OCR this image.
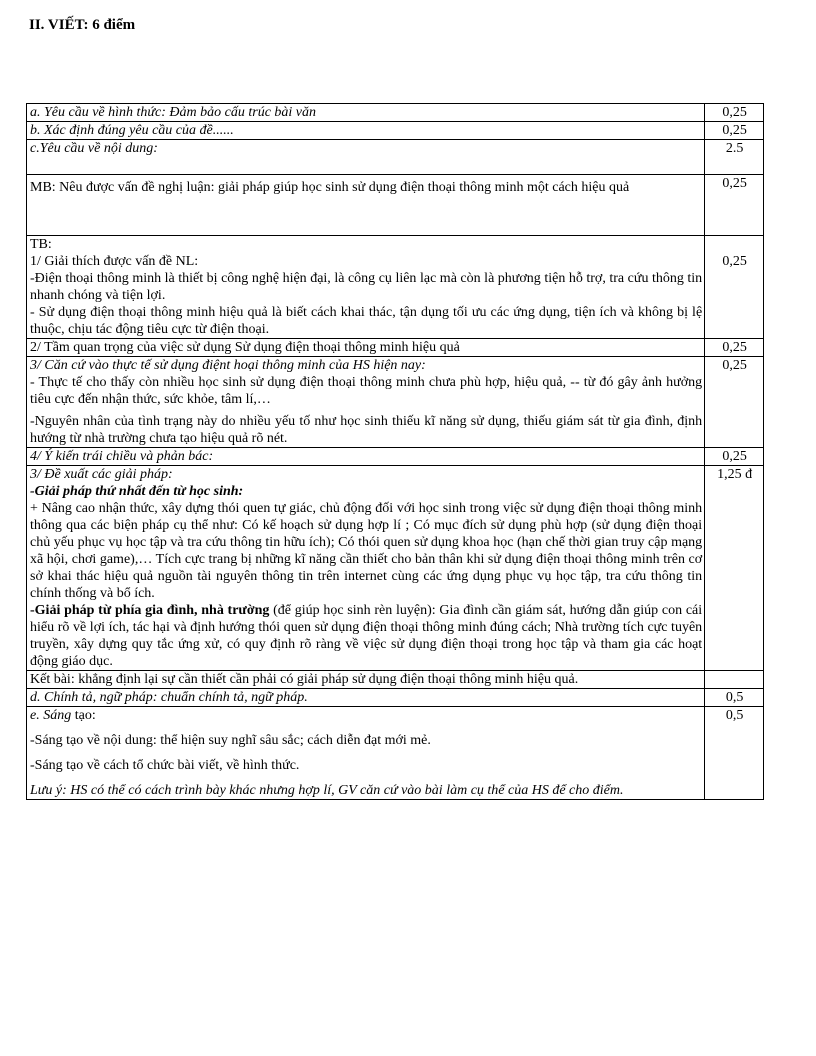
II. VIẾT: 6 điểm
a. Yêu cầu về hình thức: Đảm bảo cấu trúc bài văn	0,25
b. Xác định đúng yêu cầu của đề......	0,25
c.Yêu cầu về nội dung:	2.5

MB: Nêu được vấn đề nghị luận: giải pháp giúp học sinh sử dụng điện thoại thông minh một cách hiệu quả	0,25

TB:
1/ Giải thích được vấn đề NL:
-Điện thoại thông minh là thiết bị công nghệ hiện đại, là công cụ liên lạc mà còn là phương tiện hỗ trợ, tra cứu thông tin nhanh chóng và tiện lợi.
- Sử dụng điện thoại thông minh hiệu quả là biết cách khai thác, tận dụng tối ưu các ứng dụng, tiện ích và không bị lệ thuộc, chịu tác động tiêu cực từ điện thoại.	0,25

2/ Tầm quan trọng của việc sử dụng Sử dụng điện thoại thông minh hiệu quả	0,25

3/ Căn cứ vào thực tế sử dụng điệnt hoại thông minh của HS hiện nay:
- Thực tế cho thấy còn nhiều học sinh sử dụng điện thoại thông minh chưa phù hợp, hiệu quả, -- từ đó gây ảnh hưởng tiêu cực đến nhận thức, sức khỏe, tâm lí,…
-Nguyên nhân của tình trạng này do nhiều yếu tố như học sinh thiếu kĩ năng sử dụng, thiếu giám sát từ gia đình, định hướng từ nhà trường chưa tạo hiệu quả rõ nét.	0,25
4/ Ý kiến trái chiều và phản bác:	0,25

3/ Đề xuất các giải pháp:
-Giải pháp thứ nhất đến từ học sinh:
+ Nâng cao nhận thức, xây dựng thói quen tự giác, chủ động đối với học sinh trong việc sử dụng điện thoại thông minh thông qua các biện pháp cụ thể như: Có kế hoạch sử dụng hợp lí ; Có mục đích sử dụng phù hợp (sử dụng điện thoại chủ yếu phục vụ học tập và tra cứu thông tin hữu ích); Có thói quen sử dụng khoa học (hạn chế thời gian truy cập mạng xã hội, chơi game),… Tích cực trang bị những kĩ năng cần thiết cho bản thân khi sử dụng điện thoại thông minh trên cơ sở khai thác hiệu quả nguồn tài nguyên thông tin trên internet cùng các ứng dụng phục vụ học tập, tra cứu thông tin chính thống và bổ ích.
-Giải pháp từ phía gia đình, nhà trường (để giúp học sinh rèn luyện): Gia đình cần giám sát, hướng dẫn giúp con cái hiểu rõ về lợi ích, tác hại và định hướng thói quen sử dụng điện thoại thông minh đúng cách; Nhà trường tích cực tuyên truyền, xây dựng quy tắc ứng xử, có quy định rõ ràng về việc sử dụng điện thoại trong học tập và tham gia các hoạt động giáo dục.	1,25 đ
Kết bài: khẳng định lại sự cần thiết cần phải có giải pháp sử dụng điện thoại thông minh hiệu quả.	
d. Chính tả, ngữ pháp: chuẩn chính tả, ngữ pháp.	0,5

e. Sáng tạo:
-Sáng tạo về nội dung: thể hiện suy nghĩ sâu sắc; cách diễn đạt mới mẻ.
-Sáng tạo về cách tổ chức bài viết, về hình thức.
Lưu ý: HS có thể có cách trình bày khác nhưng hợp lí, GV căn cứ vào bài làm cụ thể của HS để cho điểm.	0,5
